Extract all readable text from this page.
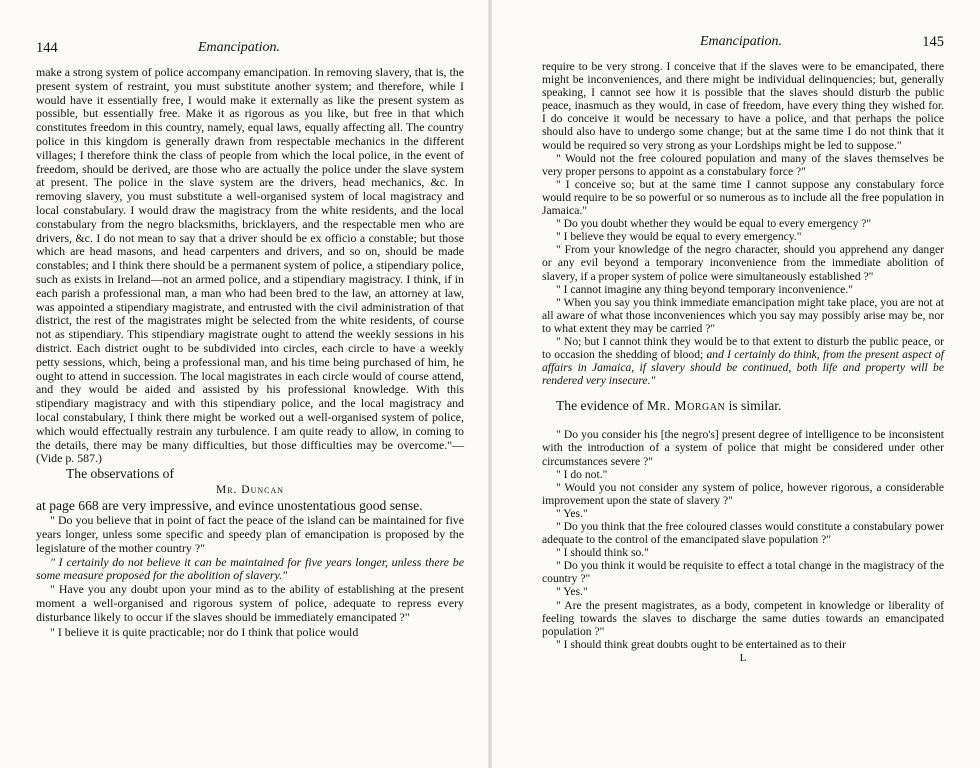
144	Emancipation.

make a strong system of police accompany emancipation. In removing slavery, that is, the present system of restraint, you must substitute another system; and therefore, while I would have it essentially free, I would make it externally as like the present system as possible, but essentially free. Make it as rigorous as you like, but free in that which constitutes freedom in this country, namely, equal laws, equally affecting all. The country police in this kingdom is generally drawn from respectable mechanics in the different villages; I therefore think the class of people from which the local police, in the event of freedom, should be derived, are those who are actually the police under the slave system at present. The police in the slave system are the drivers, head mechanics, &c. In removing slavery, you must substitute a well-organised system of local magistracy and local constabulary. I would draw the magistracy from the white residents, and the local constabulary from the negro blacksmiths, bricklayers, and the respectable men who are drivers, &c. I do not mean to say that a driver should be ex officio a constable; but those which are head masons, and head carpenters and drivers, and so on, should be made constables; and I think there should be a permanent system of police, a stipendiary police, such as exists in Ireland—not an armed police, and a stipendiary magistracy. I think, if in each parish a professional man, a man who had been bred to the law, an attorney at law, was appointed a stipendiary magistrate, and entrusted with the civil administration of that district, the rest of the magistrates might be selected from the white residents, of course not as stipendiary. This stipendiary magistrate ought to attend the weekly sessions in his district. Each district ought to be subdivided into circles, each circle to have a weekly petty sessions, which, being a professional man, and his time being purchased of him, he ought to attend in succession. The local magistrates in each circle would of course attend, and they would be aided and assisted by his professional knowledge. With this stipendiary magistracy and with this stipendiary police, and the local magistracy and local constabulary, I think there might be worked out a well-organised system of police, which would effectually restrain any turbulence. I am quite ready to allow, in coming to the details, there may be many difficulties, but those difficulties may be overcome."—(Vide p. 587.)

The observations of

Mr. Duncan

at page 668 are very impressive, and evince unostentatious good sense.

" Do you believe that in point of fact the peace of the island can be maintained for five years longer, unless some specific and speedy plan of emancipation is proposed by the legislature of the mother country ?"

" I certainly do not believe it can be maintained for five years longer, unless there be some measure proposed for the abolition of slavery."

" Have you any doubt upon your mind as to the ability of establishing at the present moment a well-organised and rigorous system of police, adequate to repress every disturbance likely to occur if the slaves should be immediately emancipated ?"

" I believe it is quite practicable; nor do I think that police would

Emancipation.	145

require to be very strong. I conceive that if the slaves were to be emancipated, there might be inconveniences, and there might be individual delinquencies; but, generally speaking, I cannot see how it is possible that the slaves should disturb the public peace, inasmuch as they would, in case of freedom, have every thing they wished for. I do conceive it would be necessary to have a police, and that perhaps the police should also have to undergo some change; but at the same time I do not think that it would be required so very strong as your Lordships might be led to suppose."

" Would not the free coloured population and many of the slaves themselves be very proper persons to appoint as a constabulary force ?"

" I conceive so; but at the same time I cannot suppose any constabulary force would require to be so powerful or so numerous as to include all the free population in Jamaica."

" Do you doubt whether they would be equal to every emergency ?"

" I believe they would be equal to every emergency."

" From your knowledge of the negro character, should you apprehend any danger or any evil beyond a temporary inconvenience from the immediate abolition of slavery, if a proper system of police were simultaneously established ?"

" I cannot imagine any thing beyond temporary inconvenience."

" When you say you think immediate emancipation might take place, you are not at all aware of what those inconveniences which you say may possibly arise may be, nor to what extent they may be carried ?"

" No; but I cannot think they would be to that extent to disturb the public peace, or to occasion the shedding of blood; and I certainly do think, from the present aspect of affairs in Jamaica, if slavery should be continued, both life and property will be rendered very insecure."

The evidence of Mr. Morgan is similar.

" Do you consider his [the negro's] present degree of intelligence to be inconsistent with the introduction of a system of police that might be considered under other circumstances severe ?"

" I do not."

" Would you not consider any system of police, however rigorous, a considerable improvement upon the state of slavery ?"

" Yes."

" Do you think that the free coloured classes would constitute a constabulary power adequate to the control of the emancipated slave population ?"

" I should think so."

" Do you think it would be requisite to effect a total change in the magistracy of the country ?"

" Yes."

" Are the present magistrates, as a body, competent in knowledge or liberality of feeling towards the slaves to discharge the same duties towards an emancipated population ?"

" I should think great doubts ought to be entertained as to their

L
